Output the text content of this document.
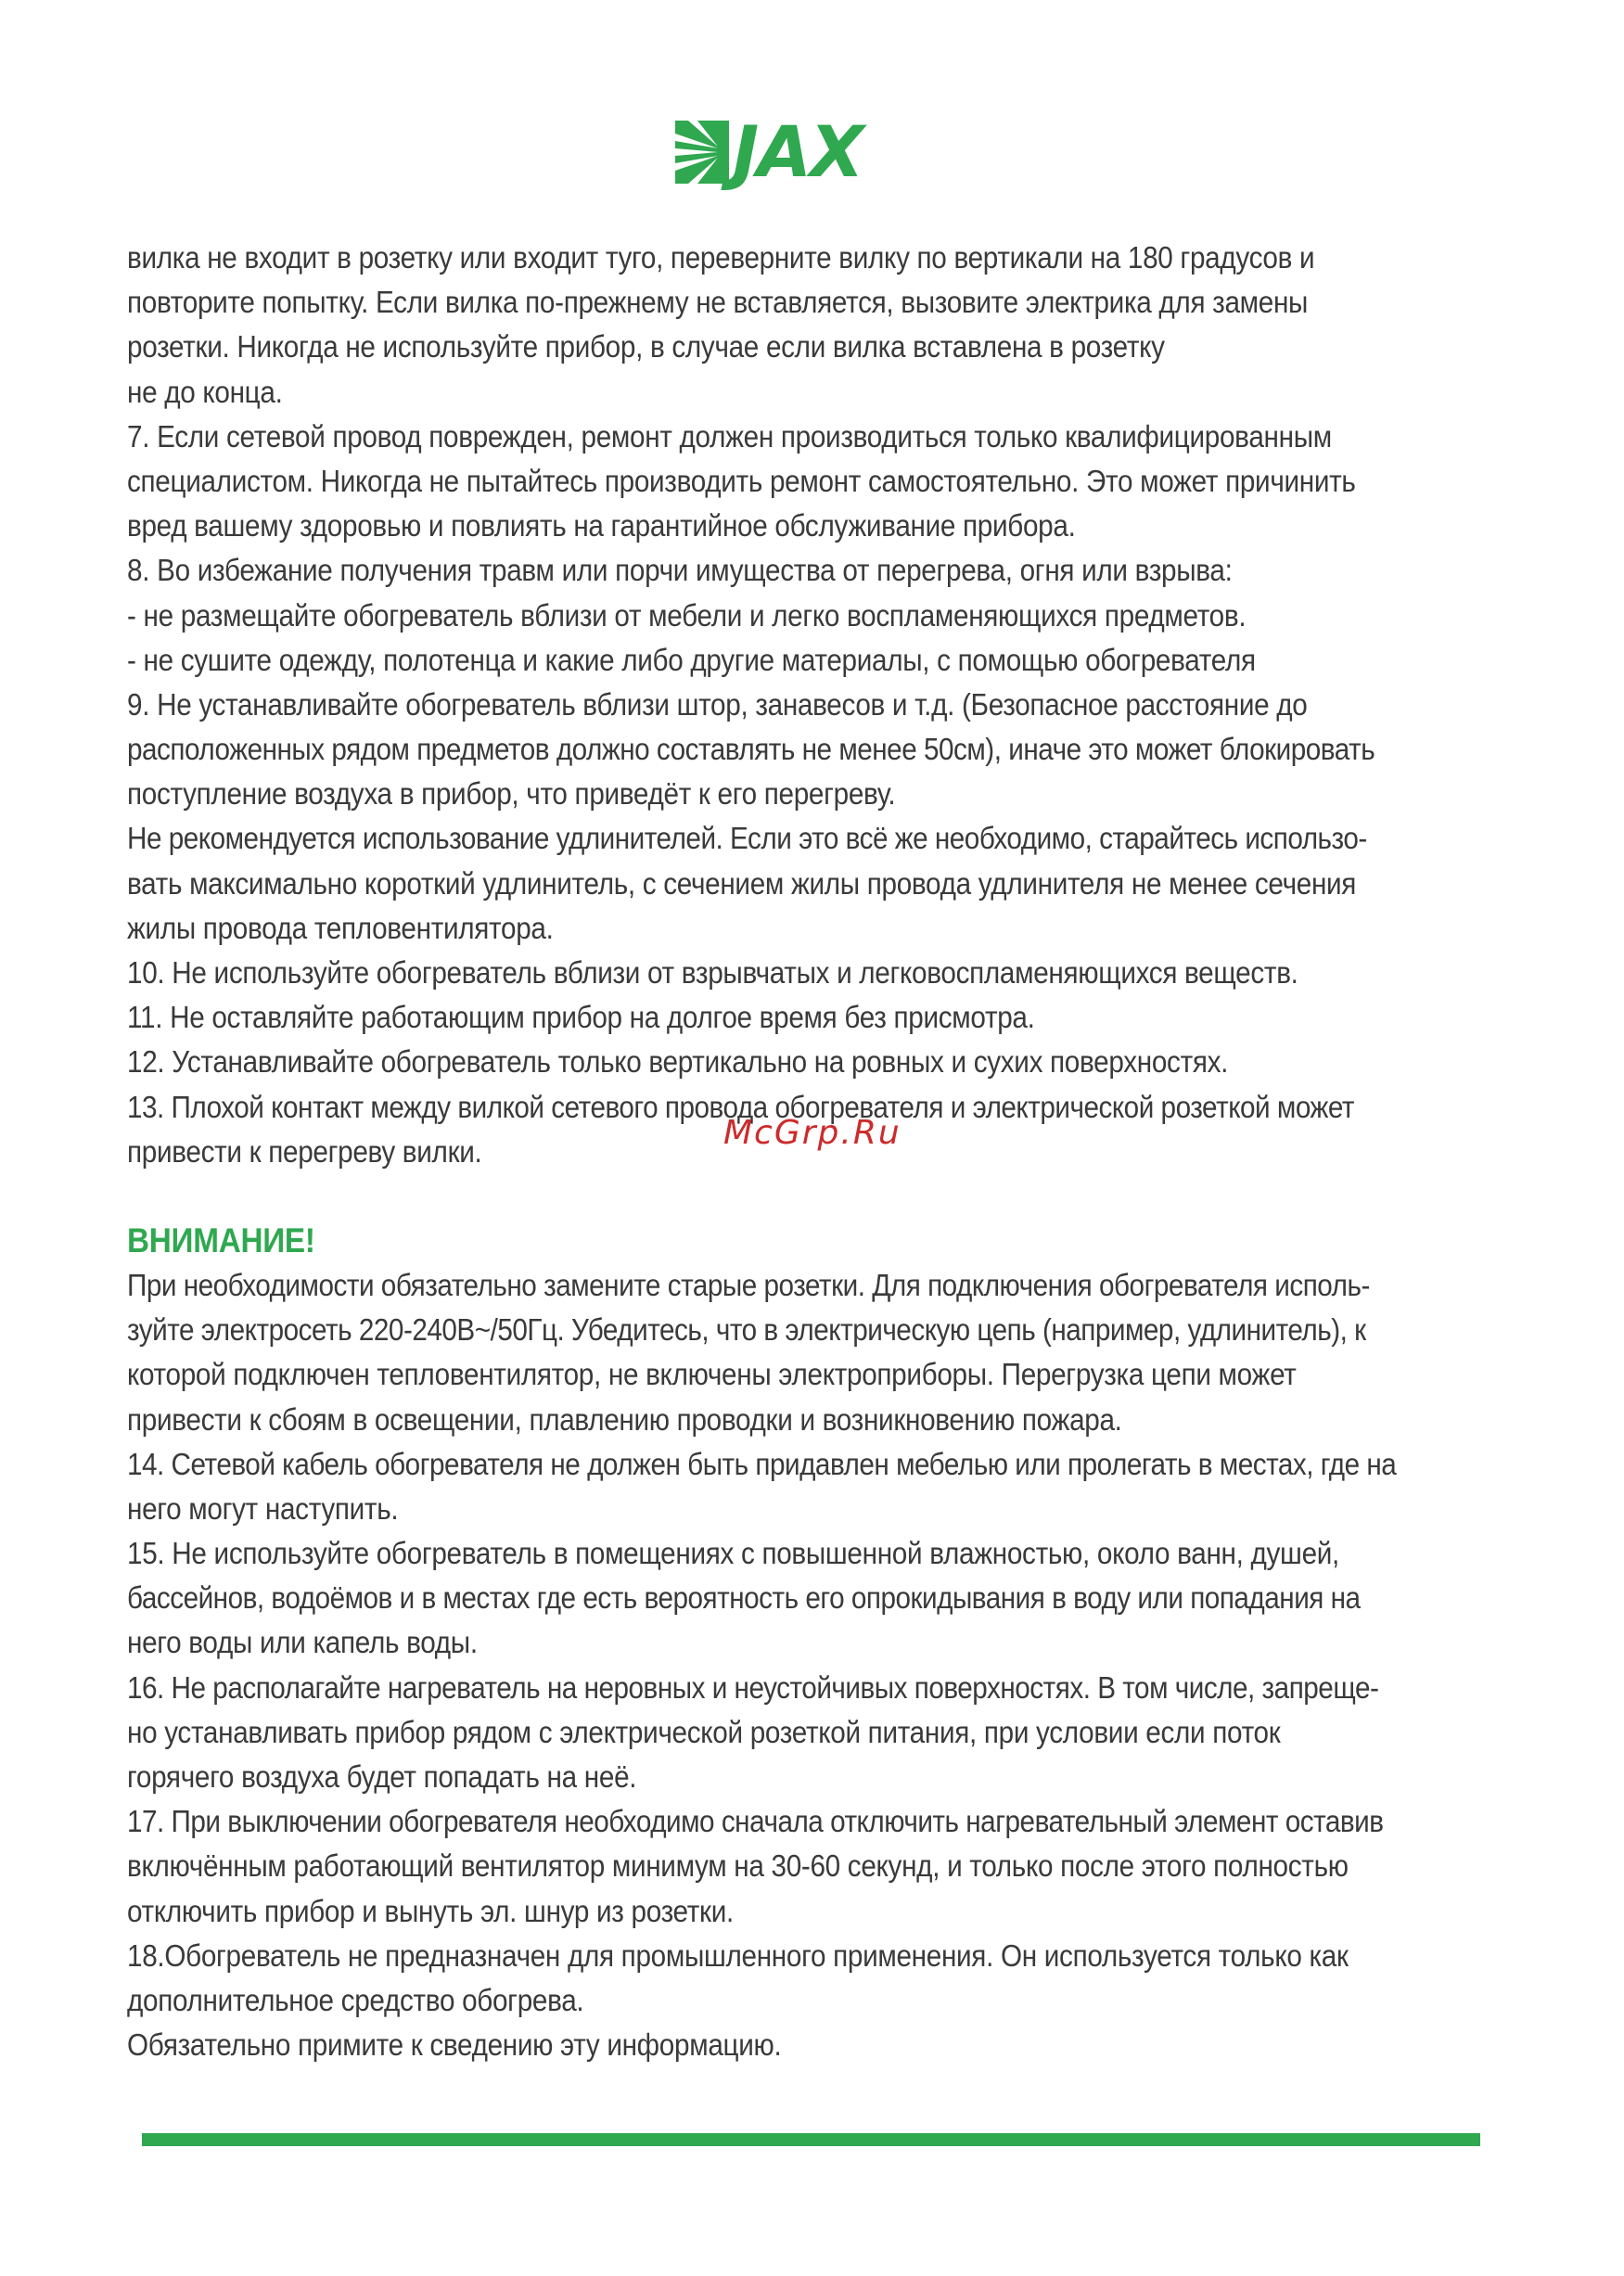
JAX
вилка не входит в розетку или входит туго, переверните вилку по вертикали на 180 градусов и
повторите попытку. Если вилка по-прежнему не вставляется, вызовите электрика для замены
розетки. Никогда не используйте прибор, в случае если вилка вставлена в розетку
не до конца.
7. Если сетевой провод поврежден, ремонт должен производиться только квалифицированным
специалистом. Никогда не пытайтесь производить ремонт самостоятельно. Это может причинить
вред вашему здоровью и повлиять на гарантийное обслуживание прибора.
8. Во избежание получения травм или порчи имущества от перегрева, огня или взрыва:
- не размещайте обогреватель вблизи от мебели и легко воспламеняющихся предметов.
- не сушите одежду, полотенца и какие либо другие материалы, с помощью обогревателя
9. Не устанавливайте обогреватель вблизи штор, занавесов и т.д. (Безопасное расстояние до
расположенных рядом предметов должно составлять не менее 50см), иначе это может блокировать
поступление воздуха в прибор, что приведёт к его перегреву.
Не рекомендуется использование удлинителей. Если это всё же необходимо, старайтесь использо-
вать максимально короткий удлинитель, с сечением жилы провода удлинителя не менее сечения
жилы провода тепловентилятора.
10. Не используйте обогреватель вблизи от взрывчатых и легковоспламеняющихся веществ.
11. Не оставляйте работающим прибор на долгое время без присмотра.
12. Устанавливайте обогреватель только вертикально на ровных и сухих поверхностях.
13. Плохой контакт между вилкой сетевого провода обогревателя и электрической розеткой может
привести к перегреву вилки.
ВНИМАНИЕ!
При необходимости обязательно замените старые розетки. Для подключения обогревателя исполь-
зуйте электросеть 220-240В~/50Гц. Убедитесь, что в электрическую цепь (например, удлинитель), к
которой подключен тепловентилятор, не включены электроприборы. Перегрузка цепи может
привести к сбоям в освещении, плавлению проводки и возникновению пожара.
14. Сетевой кабель обогревателя не должен быть придавлен мебелью или пролегать в местах, где на
него могут наступить.
15. Не используйте обогреватель в помещениях с повышенной влажностью, около ванн, душей,
бассейнов, водоёмов и в местах где есть вероятность его опрокидывания в воду или попадания на
него воды или капель воды.
16. Не располагайте нагреватель на неровных и неустойчивых поверхностях. В том числе, запреще-
но устанавливать прибор рядом с электрической розеткой питания, при условии если поток
горячего воздуха будет попадать на неё.
17. При выключении обогревателя необходимо сначала отключить нагревательный элемент оставив
включённым работающий вентилятор минимум на 30-60 секунд, и только после этого полностью
отключить прибор и вынуть эл. шнур из розетки.
18.Обогреватель не предназначен для промышленного применения. Он используется только как
дополнительное средство обогрева.
Обязательно примите к сведению эту информацию.
McGrp.Ru
